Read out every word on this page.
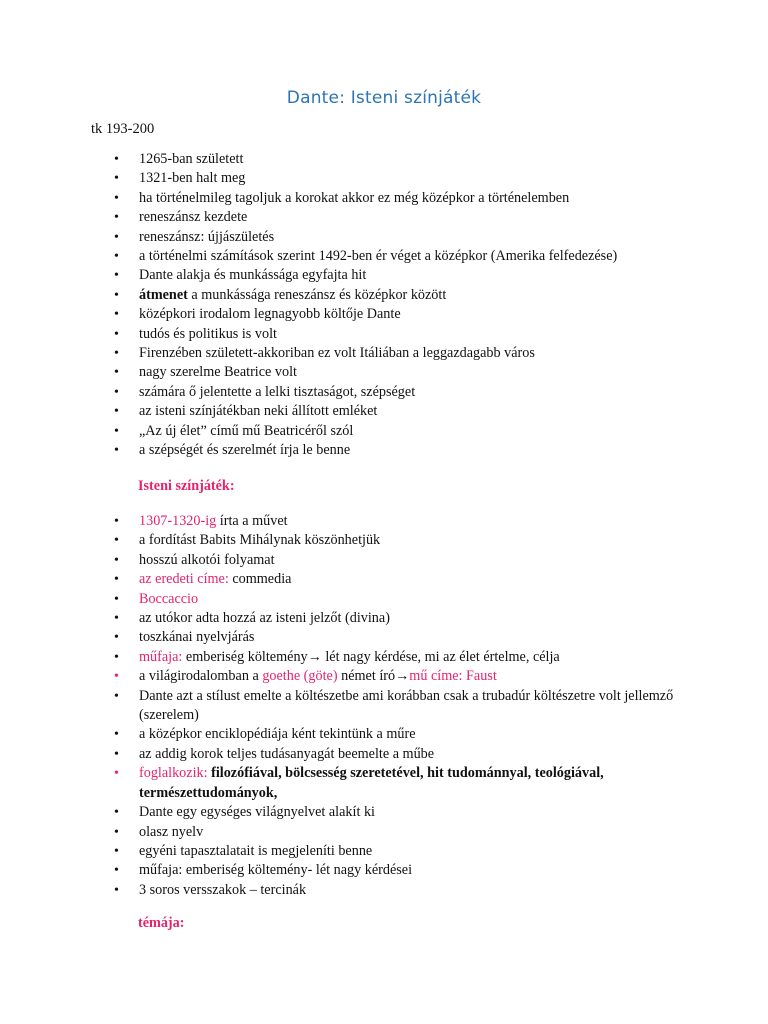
Dante: Isteni színjáték
tk 193-200
• 1265-ban született
• 1321-ben halt meg
• ha történelmileg tagoljuk a korokat akkor ez még középkor a történelemben
• reneszánsz kezdete
• reneszánsz: újjászületés
• a történelmi számítások szerint 1492-ben ér véget a középkor (Amerika felfedezése)
• Dante alakja és munkássága egyfajta hit
• átmenet a munkássága reneszánsz és középkor között
• középkori irodalom legnagyobb költője Dante
• tudós és politikus is volt
• Firenzében született-akkoriban ez volt Itáliában a leggazdagabb város
• nagy szerelme Beatrice volt
• számára ő jelentette a lelki tisztaságot, szépséget
• az isteni színjátékban neki állított emléket
• „Az új élet” című mű Beatricéről szól
• a szépségét és szerelmét írja le benne
Isteni színjáték:
• 1307-1320-ig írta a művet
• a fordítást Babits Mihálynak köszönhetjük
• hosszú alkotói folyamat
• az eredeti címe: commedia
• Boccaccio
• az utókor adta hozzá az isteni jelzőt (divina)
• toszkánai nyelvjárás
• műfaja: emberiség költemény→ lét nagy kérdése, mi az élet értelme, célja
• a világirodalomban a goethe (göte) német író→mű címe: Faust
• Dante azt a stílust emelte a költészetbe ami korábban csak a trubadúr költészetre volt jellemző (szerelem)
• a középkor enciklopédiája ként tekintünk a műre
• az addig korok teljes tudásanyagát beemelte a műbe
• foglalkozik: filozófiával, bölcsesség szeretetével, hit tudománnyal, teológiával, természettudományok,
• Dante egy egységes világnyelvet alakít ki
• olasz nyelv
• egyéni tapasztalatait is megjeleníti benne
• műfaja: emberiség költemény- lét nagy kérdései
• 3 soros versszakok – tercinák
témája:
